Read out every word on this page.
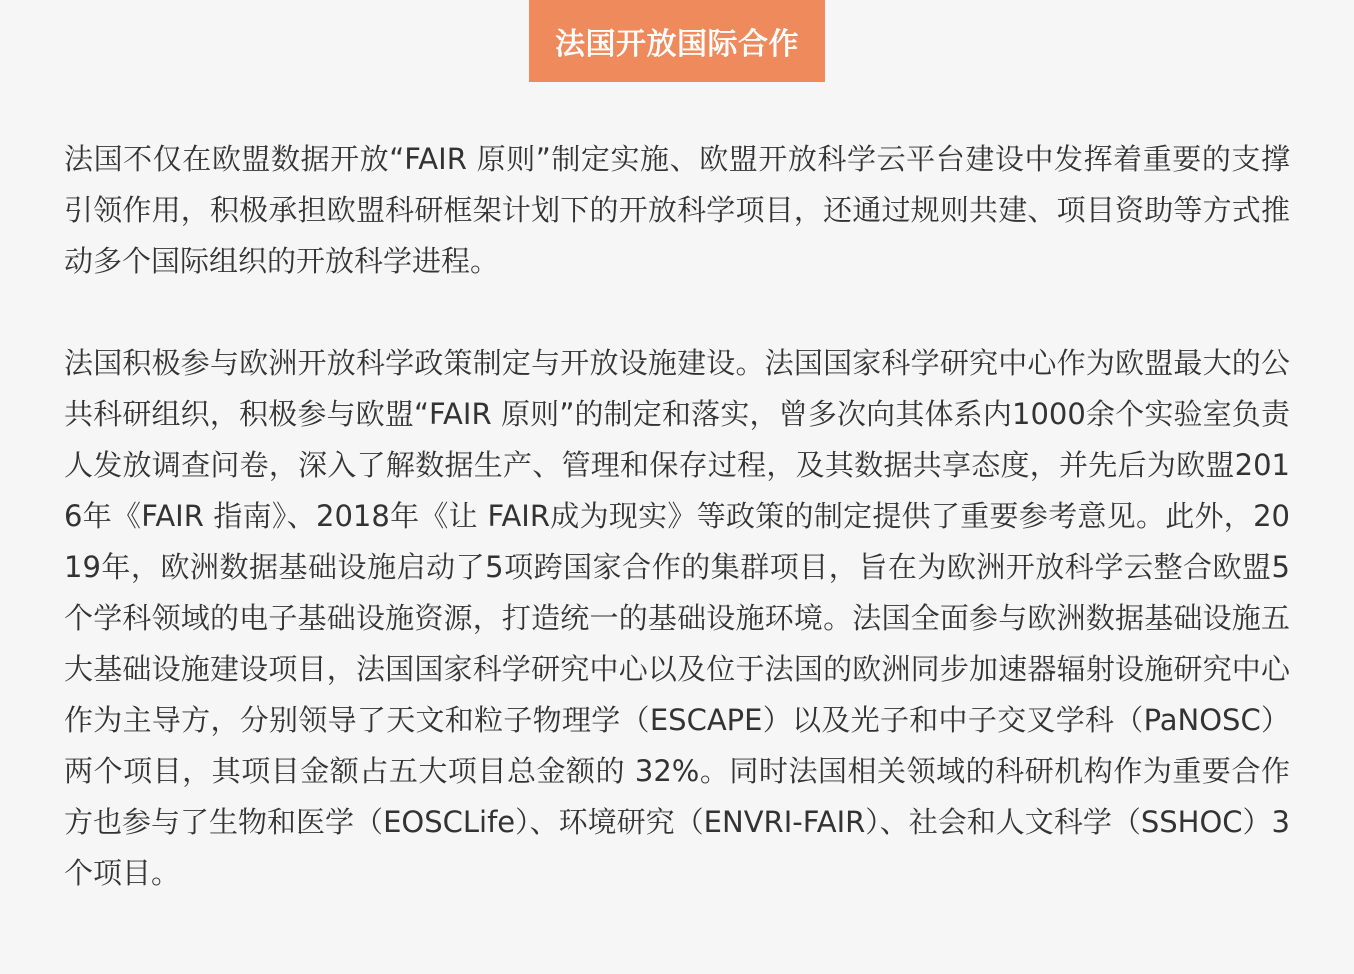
法国开放国际合作

法国不仅在欧盟数据开放“FAIR 原则”制定实施、欧盟开放科学云平台建设中发挥着重要的支撑引领作用，积极承担欧盟科研框架计划下的开放科学项目，还通过规则共建、项目资助等方式推动多个国际组织的开放科学进程。

法国积极参与欧洲开放科学政策制定与开放设施建设。法国国家科学研究中心作为欧盟最大的公共科研组织，积极参与欧盟“FAIR 原则”的制定和落实，曾多次向其体系内1000余个实验室负责人发放调查问卷，深入了解数据生产、管理和保存过程，及其数据共享态度，并先后为欧盟2016年《FAIR 指南》、2018年《让 FAIR成为现实》等政策的制定提供了重要参考意见。此外，2019年，欧洲数据基础设施启动了5项跨国家合作的集群项目，旨在为欧洲开放科学云整合欧盟5个学科领域的电子基础设施资源，打造统一的基础设施环境。法国全面参与欧洲数据基础设施五大基础设施建设项目，法国国家科学研究中心以及位于法国的欧洲同步加速器辐射设施研究中心作为主导方，分别领导了天文和粒子物理学（ESCAPE）以及光子和中子交叉学科（PaNOSC）两个项目，其项目金额占五大项目总金额的 32%。同时法国相关领域的科研机构作为重要合作方也参与了生物和医学（EOSCLife）、环境研究（ENVRI-FAIR）、社会和人文科学（SSHOC）3个项目。
